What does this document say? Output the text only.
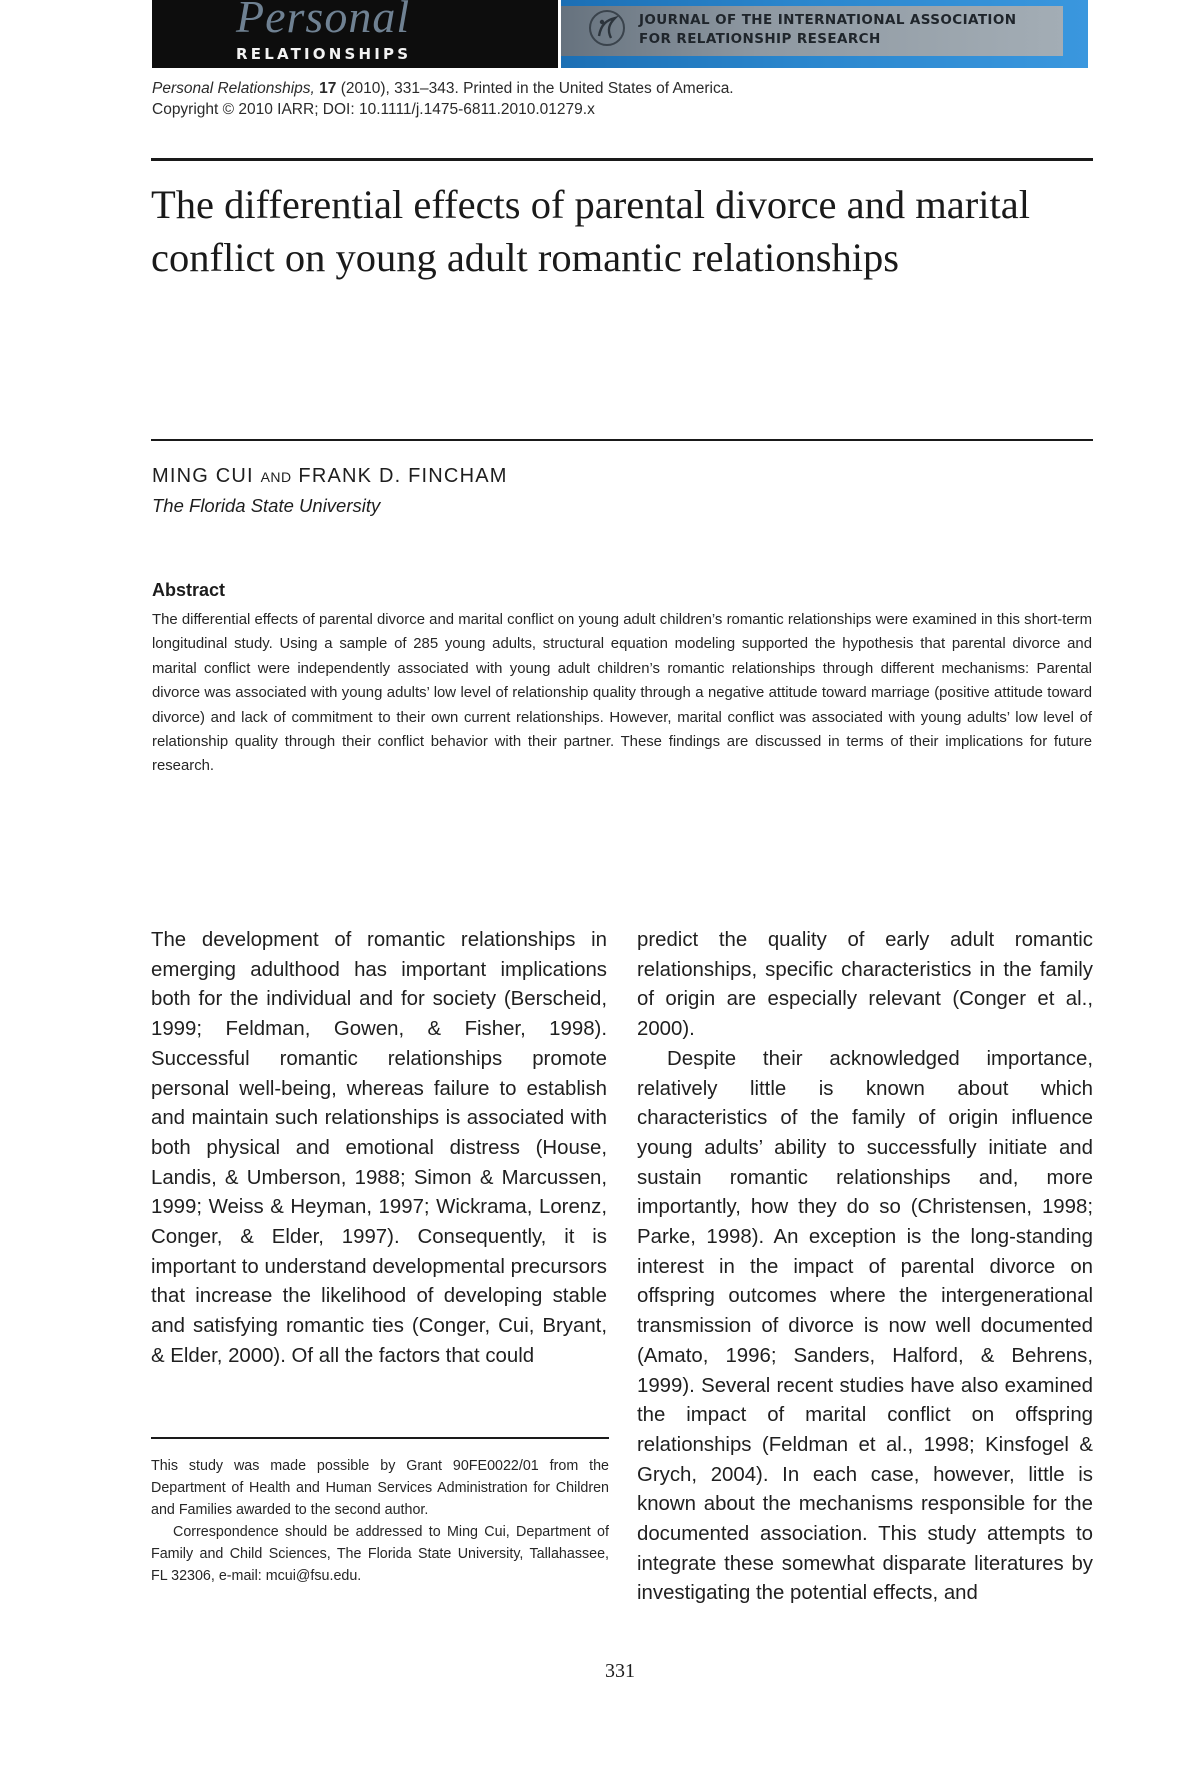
Personal
RELATIONSHIPS
JOURNAL OF THE INTERNATIONAL ASSOCIATION
FOR RELATIONSHIP RESEARCH
Personal Relationships, 17 (2010), 331–343. Printed in the United States of America.
Copyright © 2010 IARR; DOI: 10.1111/j.1475-6811.2010.01279.x
The differential effects of parental divorce and marital conflict on young adult romantic relationships
MING CUI AND FRANK D. FINCHAM
The Florida State University
Abstract
The differential effects of parental divorce and marital conflict on young adult children’s romantic relationships were examined in this short-term longitudinal study. Using a sample of 285 young adults, structural equation modeling supported the hypothesis that parental divorce and marital conflict were independently associated with young adult children’s romantic relationships through different mechanisms: Parental divorce was associated with young adults’ low level of relationship quality through a negative attitude toward marriage (positive attitude toward divorce) and lack of commitment to their own current relationships. However, marital conflict was associated with young adults’ low level of relationship quality through their conflict behavior with their partner. These findings are discussed in terms of their implications for future research.

The development of romantic relationships in emerging adulthood has important implications both for the individual and for society (Berscheid, 1999; Feldman, Gowen, & Fisher, 1998). Successful romantic relationships promote personal well-being, whereas failure to establish and maintain such relationships is associated with both physical and emotional distress (House, Landis, & Umberson, 1988; Simon & Marcussen, 1999; Weiss & Heyman, 1997; Wickrama, Lorenz, Conger, & Elder, 1997). Consequently, it is important to understand developmental precursors that increase the likelihood of developing stable and satisfying romantic ties (Conger, Cui, Bryant, & Elder, 2000). Of all the factors that could

predict the quality of early adult romantic relationships, specific characteristics in the family of origin are especially relevant (Conger et al., 2000).

Despite their acknowledged importance, relatively little is known about which characteristics of the family of origin influence young adults’ ability to successfully initiate and sustain romantic relationships and, more importantly, how they do so (Christensen, 1998; Parke, 1998). An exception is the long-standing interest in the impact of parental divorce on offspring outcomes where the intergenerational transmission of divorce is now well documented (Amato, 1996; Sanders, Halford, & Behrens, 1999). Several recent studies have also examined the impact of marital conflict on offspring relationships (Feldman et al., 1998; Kinsfogel & Grych, 2004). In each case, however, little is known about the mechanisms responsible for the documented association. This study attempts to integrate these somewhat disparate literatures by investigating the potential effects, and

This study was made possible by Grant 90FE0022/01 from the Department of Health and Human Services Administration for Children and Families awarded to the second author.

Correspondence should be addressed to Ming Cui, Department of Family and Child Sciences, The Florida State University, Tallahassee, FL 32306, e-mail: mcui@fsu.edu.

331
